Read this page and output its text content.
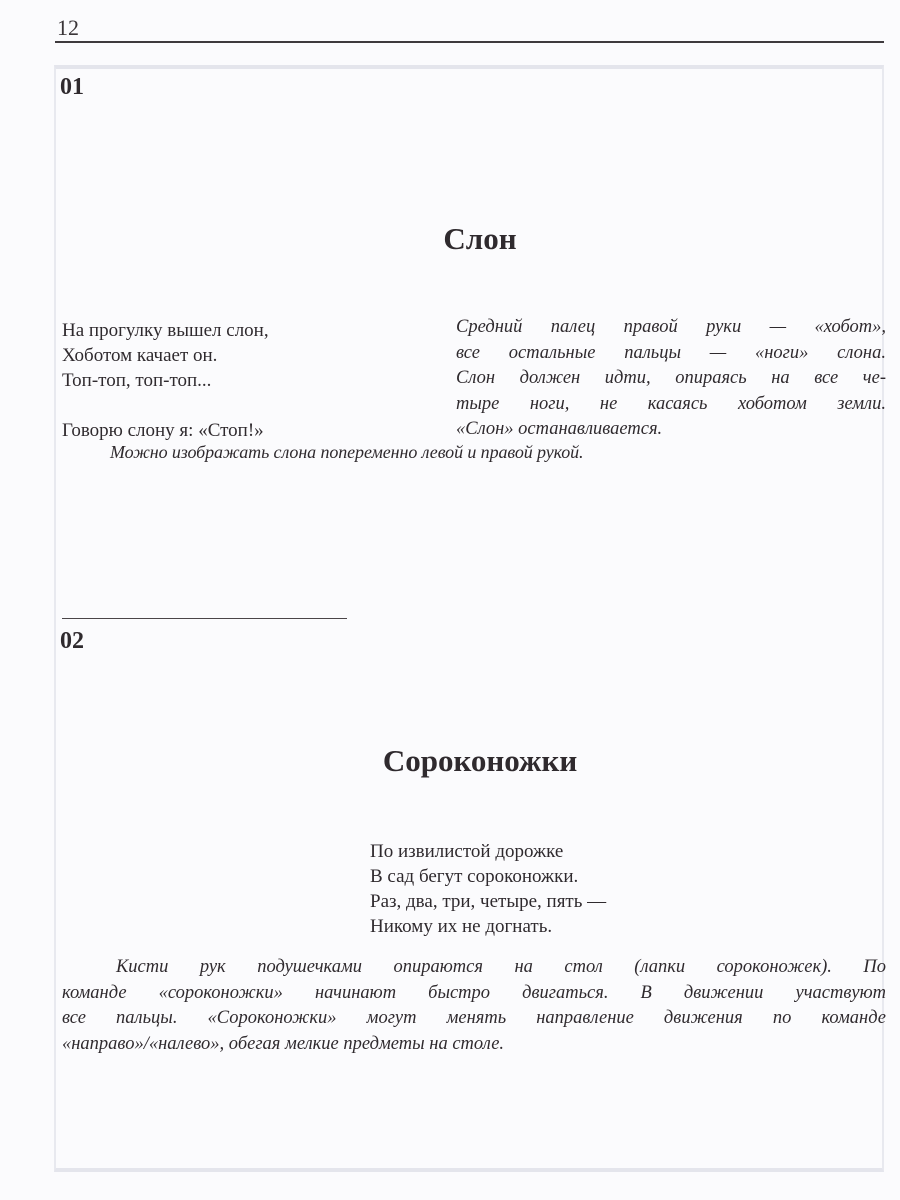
12
01
Слон
На прогулку вышел слон,
Хоботом качает он.
Топ-топ, топ-топ...
Говорю слону я: «Стоп!»
Средний палец правой руки — «хобот»,
все остальные пальцы — «ноги» слона.
Слон должен идти, опираясь на все че-
тыре ноги, не касаясь хоботом земли.
«Слон» останавливается.
Можно изображать слона попеременно левой и правой рукой.
02
Сороконожки
По извилистой дорожке
В сад бегут сороконожки.
Раз, два, три, четыре, пять —
Никому их не догнать.
Кисти рук подушечками опираются на стол (лапки сороконожек). По
команде «сороконожки» начинают быстро двигаться. В движении участвуют
все пальцы. «Сороконожки» могут менять направление движения по команде
«направо»/«налево», обегая мелкие предметы на столе.
